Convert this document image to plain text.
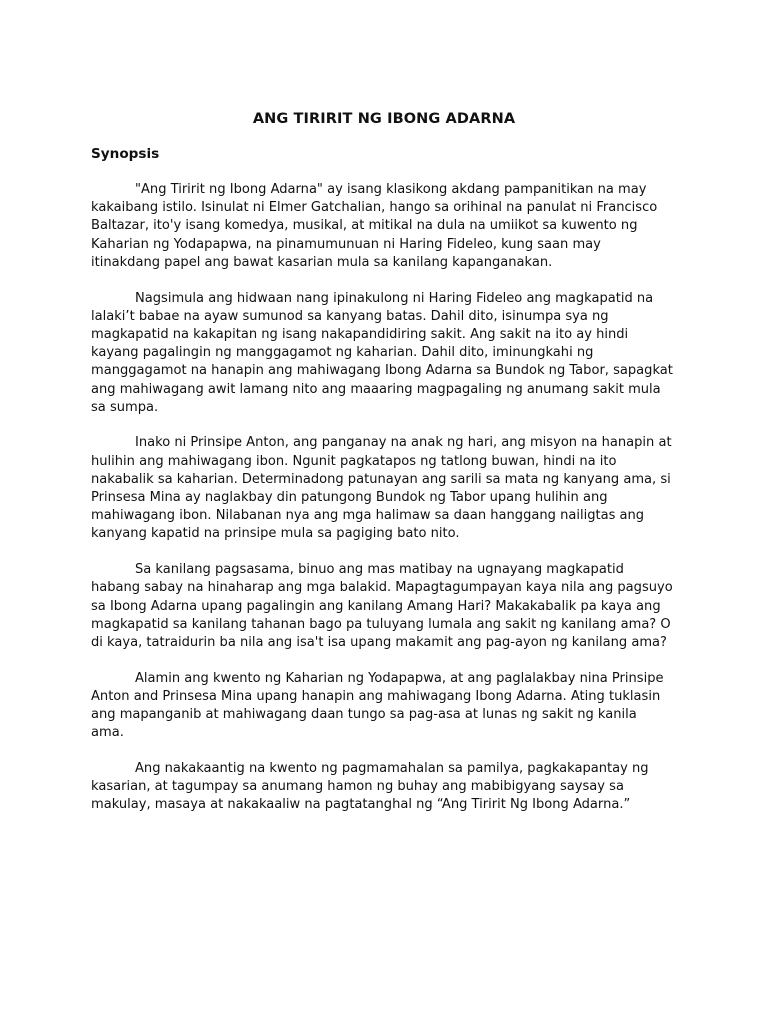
ANG TIRIRIT NG IBONG ADARNA
Synopsis

"Ang Tiririt ng Ibong Adarna" ay isang klasikong akdang pampanitikan na may kakaibang istilo. Isinulat ni Elmer Gatchalian, hango sa orihinal na panulat ni Francisco Baltazar, ito'y isang komedya, musikal, at mitikal na dula na umiikot sa kuwento ng Kaharian ng Yodapapwa, na pinamumunuan ni Haring Fideleo, kung saan may itinakdang papel ang bawat kasarian mula sa kanilang kapanganakan.

Nagsimula ang hidwaan nang ipinakulong ni Haring Fideleo ang magkapatid na lalaki’t babae na ayaw sumunod sa kanyang batas. Dahil dito, isinumpa sya ng magkapatid na kakapitan ng isang nakapandidiring sakit. Ang sakit na ito ay hindi kayang pagalingin ng manggagamot ng kaharian. Dahil dito, iminungkahi ng manggagamot na hanapin ang mahiwagang Ibong Adarna sa Bundok ng Tabor, sapagkat ang mahiwagang awit lamang nito ang maaaring magpagaling ng anumang sakit mula sa sumpa.

Inako ni Prinsipe Anton, ang panganay na anak ng hari, ang misyon na hanapin at hulihin ang mahiwagang ibon. Ngunit pagkatapos ng tatlong buwan, hindi na ito nakabalik sa kaharian. Determinadong patunayan ang sarili sa mata ng kanyang ama, si Prinsesa Mina ay naglakbay din patungong Bundok ng Tabor upang hulihin ang mahiwagang ibon. Nilabanan nya ang mga halimaw sa daan hanggang nailigtas ang kanyang kapatid na prinsipe mula sa pagiging bato nito.

Sa kanilang pagsasama, binuo ang mas matibay na ugnayang magkapatid habang sabay na hinaharap ang mga balakid. Mapagtagumpayan kaya nila ang pagsuyo sa Ibong Adarna upang pagalingin ang kanilang Amang Hari? Makakabalik pa kaya ang magkapatid sa kanilang tahanan bago pa tuluyang lumala ang sakit ng kanilang ama? O di kaya, tatraidurin ba nila ang isa't isa upang makamit ang pag-ayon ng kanilang ama?

Alamin ang kwento ng Kaharian ng Yodapapwa, at ang paglalakbay nina Prinsipe Anton and Prinsesa Mina upang hanapin ang mahiwagang Ibong Adarna. Ating tuklasin ang mapanganib at mahiwagang daan tungo sa pag-asa at lunas ng sakit ng kanila ama.

Ang nakakaantig na kwento ng pagmamahalan sa pamilya, pagkakapantay ng kasarian, at tagumpay sa anumang hamon ng buhay ang mabibigyang saysay sa makulay, masaya at nakakaaliw na pagtatanghal ng “Ang Tiririt Ng Ibong Adarna.”
